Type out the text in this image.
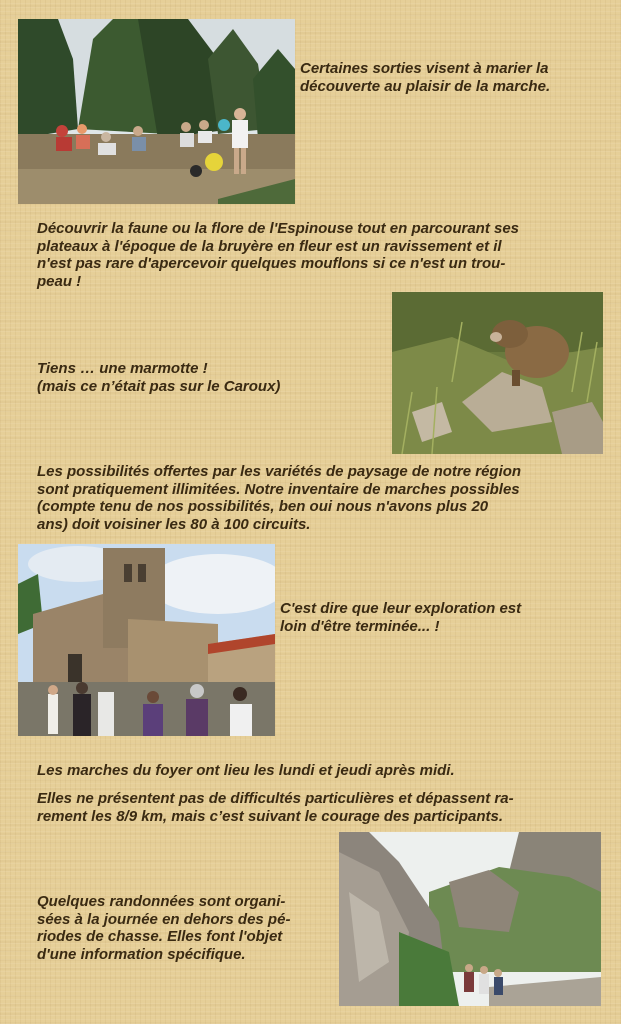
Certaines sorties visent à marier la
découverte au plaisir de la marche.
Découvrir la faune ou la flore de l'Espinouse tout en parcourant ses
plateaux à l'époque de la bruyère en fleur est un ravissement et il
n'est pas rare d'apercevoir quelques mouflons si ce n'est un trou-
peau !
Tiens … une marmotte !
(mais ce n’était pas sur le Caroux)
Les possibilités offertes par les variétés de paysage de notre région
sont pratiquement illimitées. Notre inventaire de marches possibles
(compte tenu de nos possibilités, ben oui nous n'avons plus 20
ans) doit voisiner les 80 à 100 circuits.
C'est dire que leur exploration est
loin d'être terminée... !
Les marches du foyer ont lieu les lundi et jeudi après midi.
Elles ne présentent pas de difficultés particulières et dépassent ra-
rement les 8/9 km, mais c’est suivant le courage des participants.
Quelques randonnées sont organi-
sées à la journée en dehors des pé-
riodes de chasse. Elles font l'objet
d'une information spécifique.
